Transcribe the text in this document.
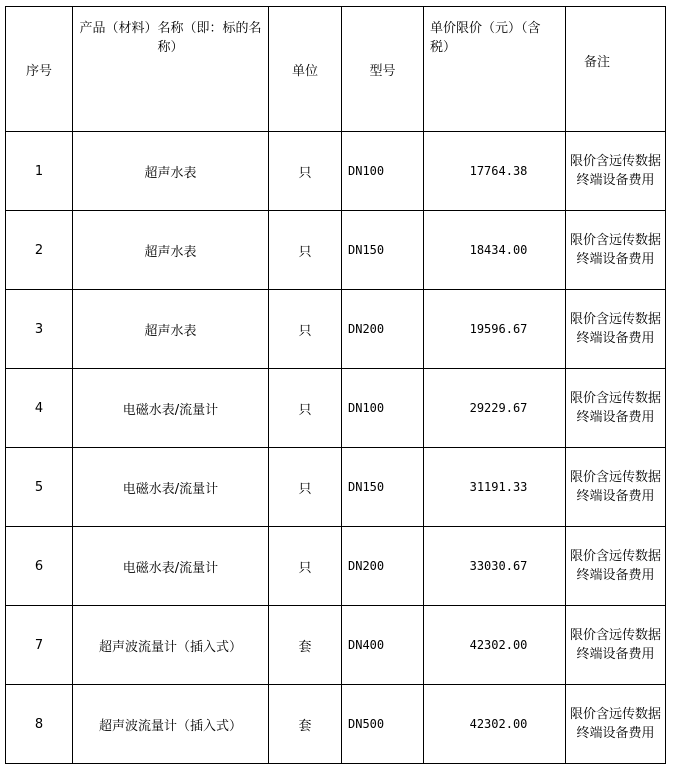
序号	产品（材料）名称（即：标的名称）	单位	型号	单价限价（元）（含税）	备注
1	超声水表	只	DN100	17764.38	限价含远传数据终端设备费用
2	超声水表	只	DN150	18434.00	限价含远传数据终端设备费用
3	超声水表	只	DN200	19596.67	限价含远传数据终端设备费用
4	电磁水表/流量计	只	DN100	29229.67	限价含远传数据终端设备费用
5	电磁水表/流量计	只	DN150	31191.33	限价含远传数据终端设备费用
6	电磁水表/流量计	只	DN200	33030.67	限价含远传数据终端设备费用
7	超声波流量计（插入式）	套	DN400	42302.00	限价含远传数据终端设备费用
8	超声波流量计（插入式）	套	DN500	42302.00	限价含远传数据终端设备费用
